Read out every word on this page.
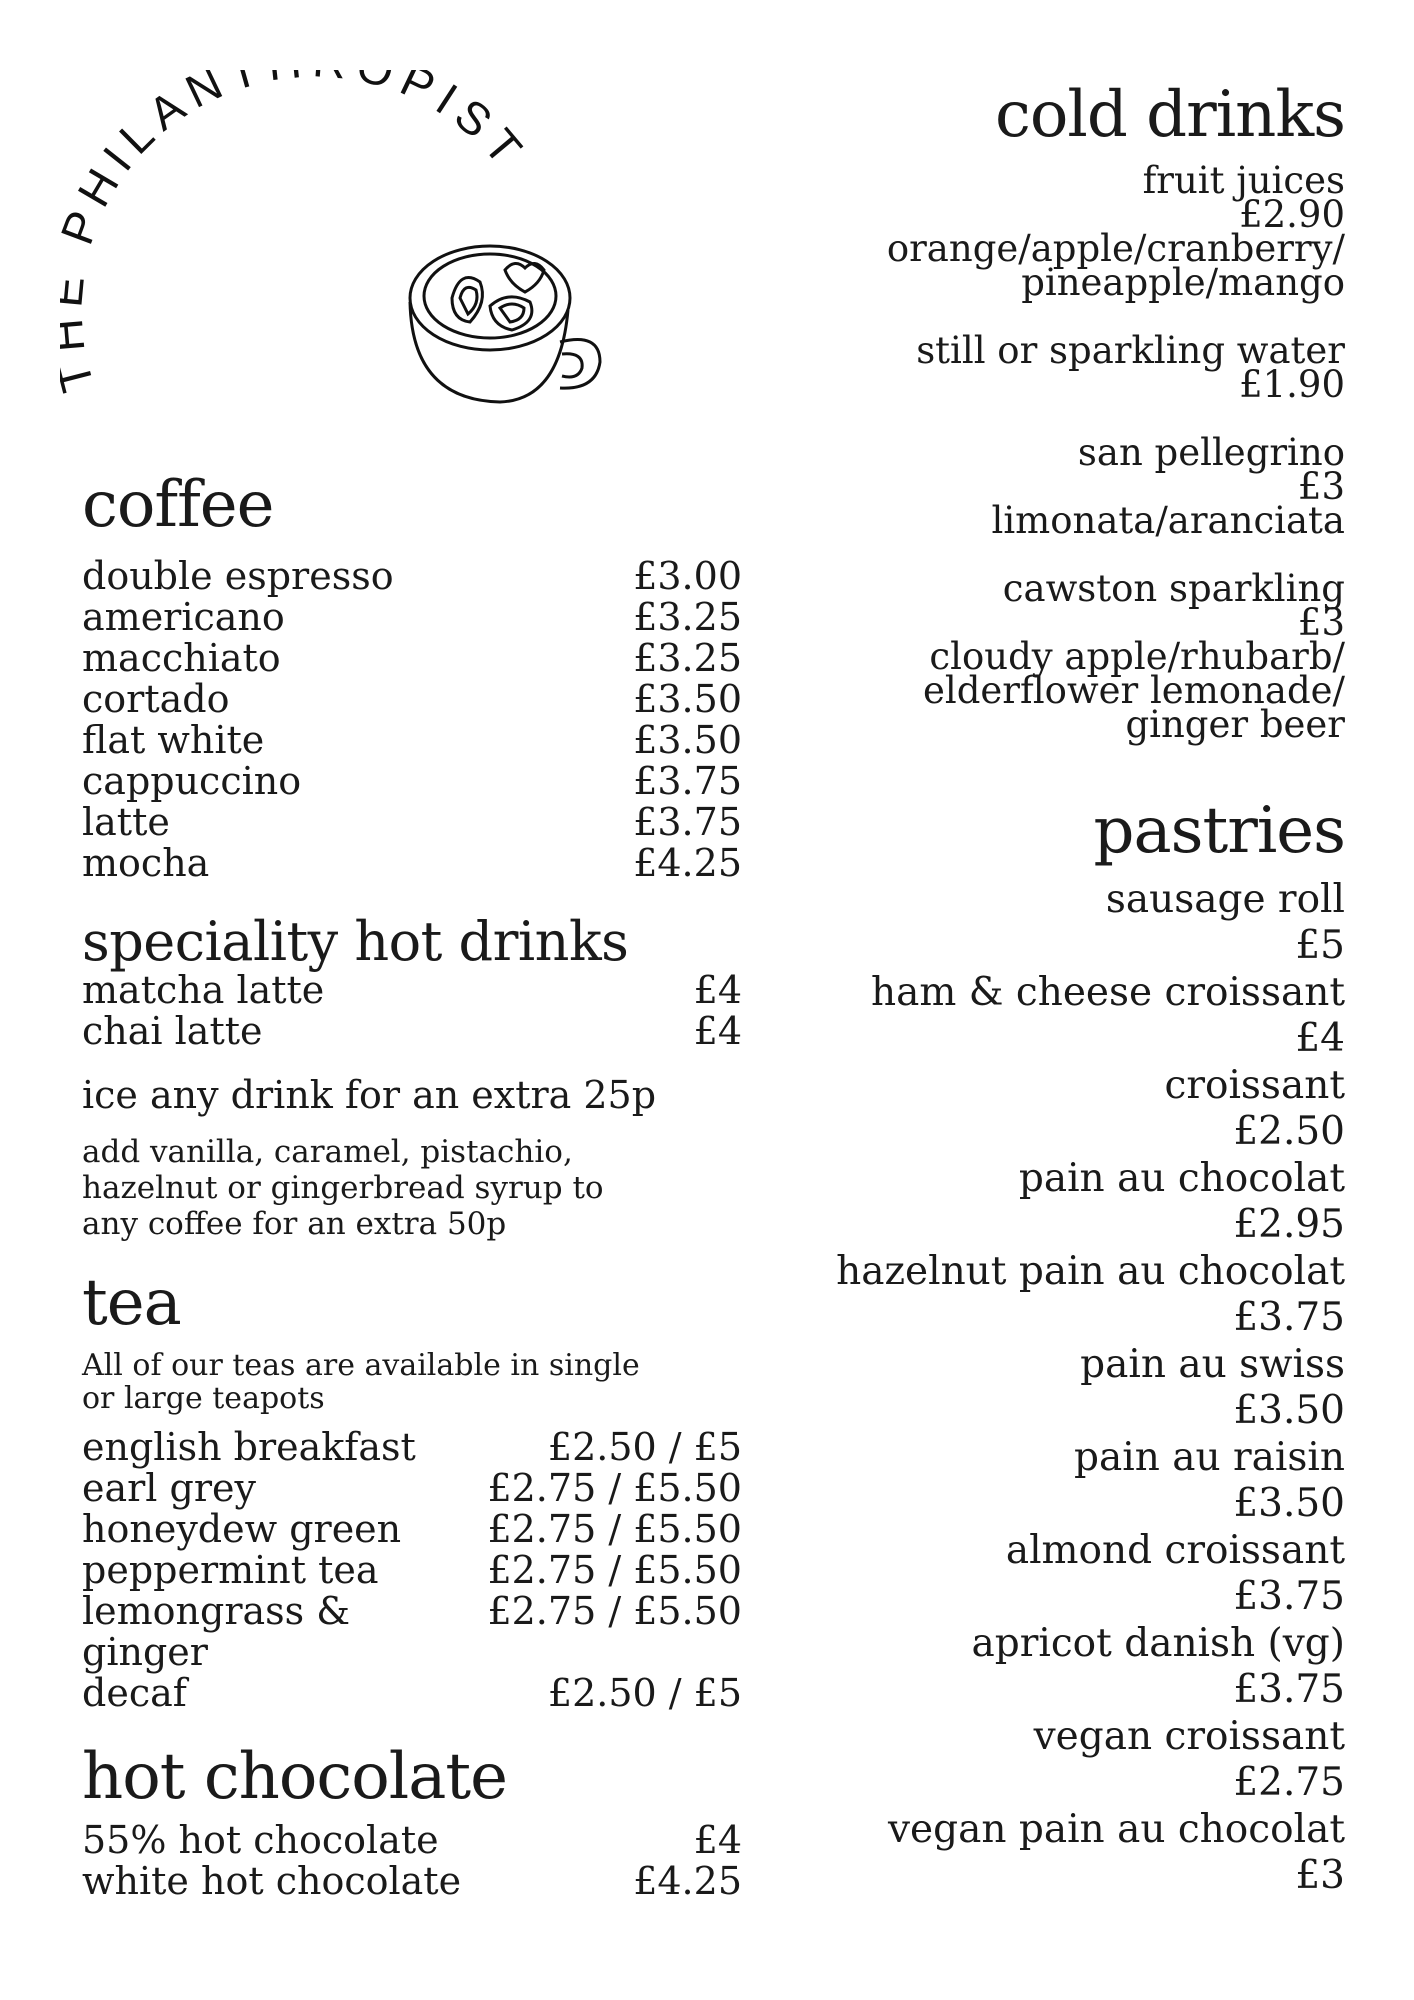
HILANT PIST
coffee
double espresso	£3.00
americano	£3.25
macchiato	£3.25
cortado	£3.50
flat white	£3.50
cappuccino	£3.75
latte	£3.75
mocha	£4.25
speciality hot drinks
matcha latte	£4
chai latte	£4
ice any drink for an extra 25p
add vanilla, caramel, pistachio,
hazelnut or gingerbread syrup to
any coffee for an extra 50p
tea
All of our teas are available in single
or large teapots
english breakfast	£2.50 / £5
earl grey	£2.75 / £5.50
honeydew green £2.75 / £5.50
peppermint tea	£2.75 / £5.50
lemongrass & ginger
£2.75 / £5.50
decaf	£2.50 / £5
hot chocolate
55% hot chocolate	£4
white hot chocolate	£4.25
cold drinks
fruit juices
£2.90
orange/apple/cranberry/
pineapple/mango
still or sparkling water
£1.90
san pellegrino
£3
limonata/aranciata
cawston sparkling
£3
cloudy apple/rhubarb/
elderflower lemonade/
ginger beer
pastries
sausage roll
£5
ham & cheese croissant
£4
croissant
£2.50
pain au chocolat
£2.95
hazelnut pain au chocolat
£3.75
pain au swiss
£3.50
pain au raisin
£3.50
almond croissant
£3.75
apricot danish (vg)
£3.75
vegan croissant
£2.75
vegan pain au chocolat
£3
